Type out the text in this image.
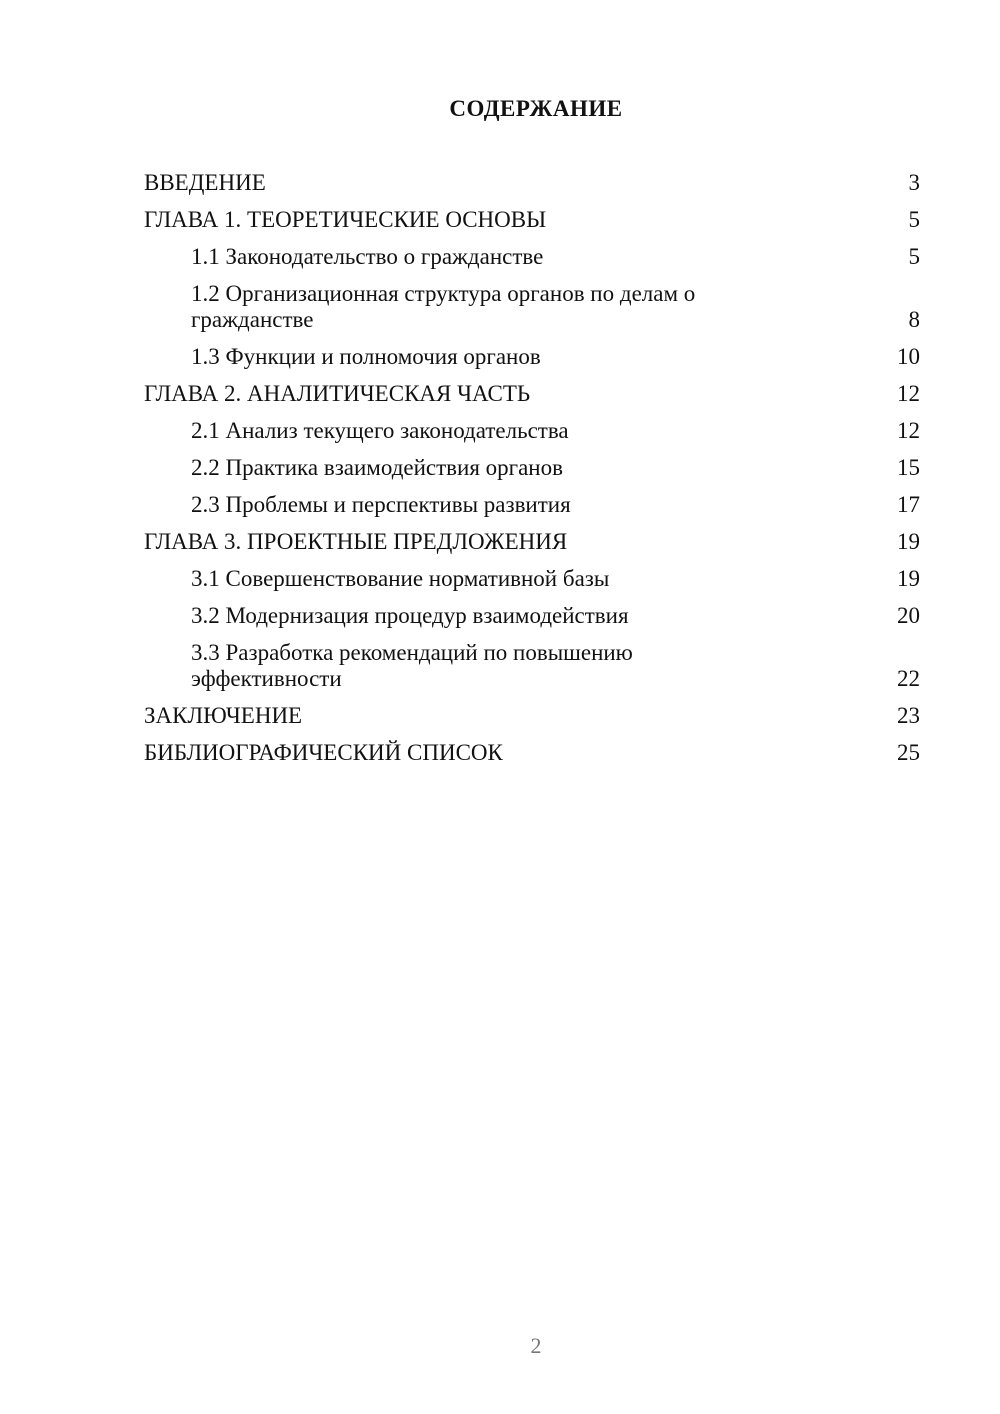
СОДЕРЖАНИЕ
ВВЕДЕНИЕ	3
ГЛАВА 1. ТЕОРЕТИЧЕСКИЕ ОСНОВЫ	5
1.1 Законодательство о гражданстве	5
1.2 Организационная структура органов по делам о гражданстве	8
1.3 Функции и полномочия органов	10
ГЛАВА 2. АНАЛИТИЧЕСКАЯ ЧАСТЬ	12
2.1 Анализ текущего законодательства	12
2.2 Практика взаимодействия органов	15
2.3 Проблемы и перспективы развития	17
ГЛАВА 3. ПРОЕКТНЫЕ ПРЕДЛОЖЕНИЯ	19
3.1 Совершенствование нормативной базы	19
3.2 Модернизация процедур взаимодействия	20
3.3 Разработка рекомендаций по повышению эффективности	22
ЗАКЛЮЧЕНИЕ	23
БИБЛИОГРАФИЧЕСКИЙ СПИСОК	25
2
